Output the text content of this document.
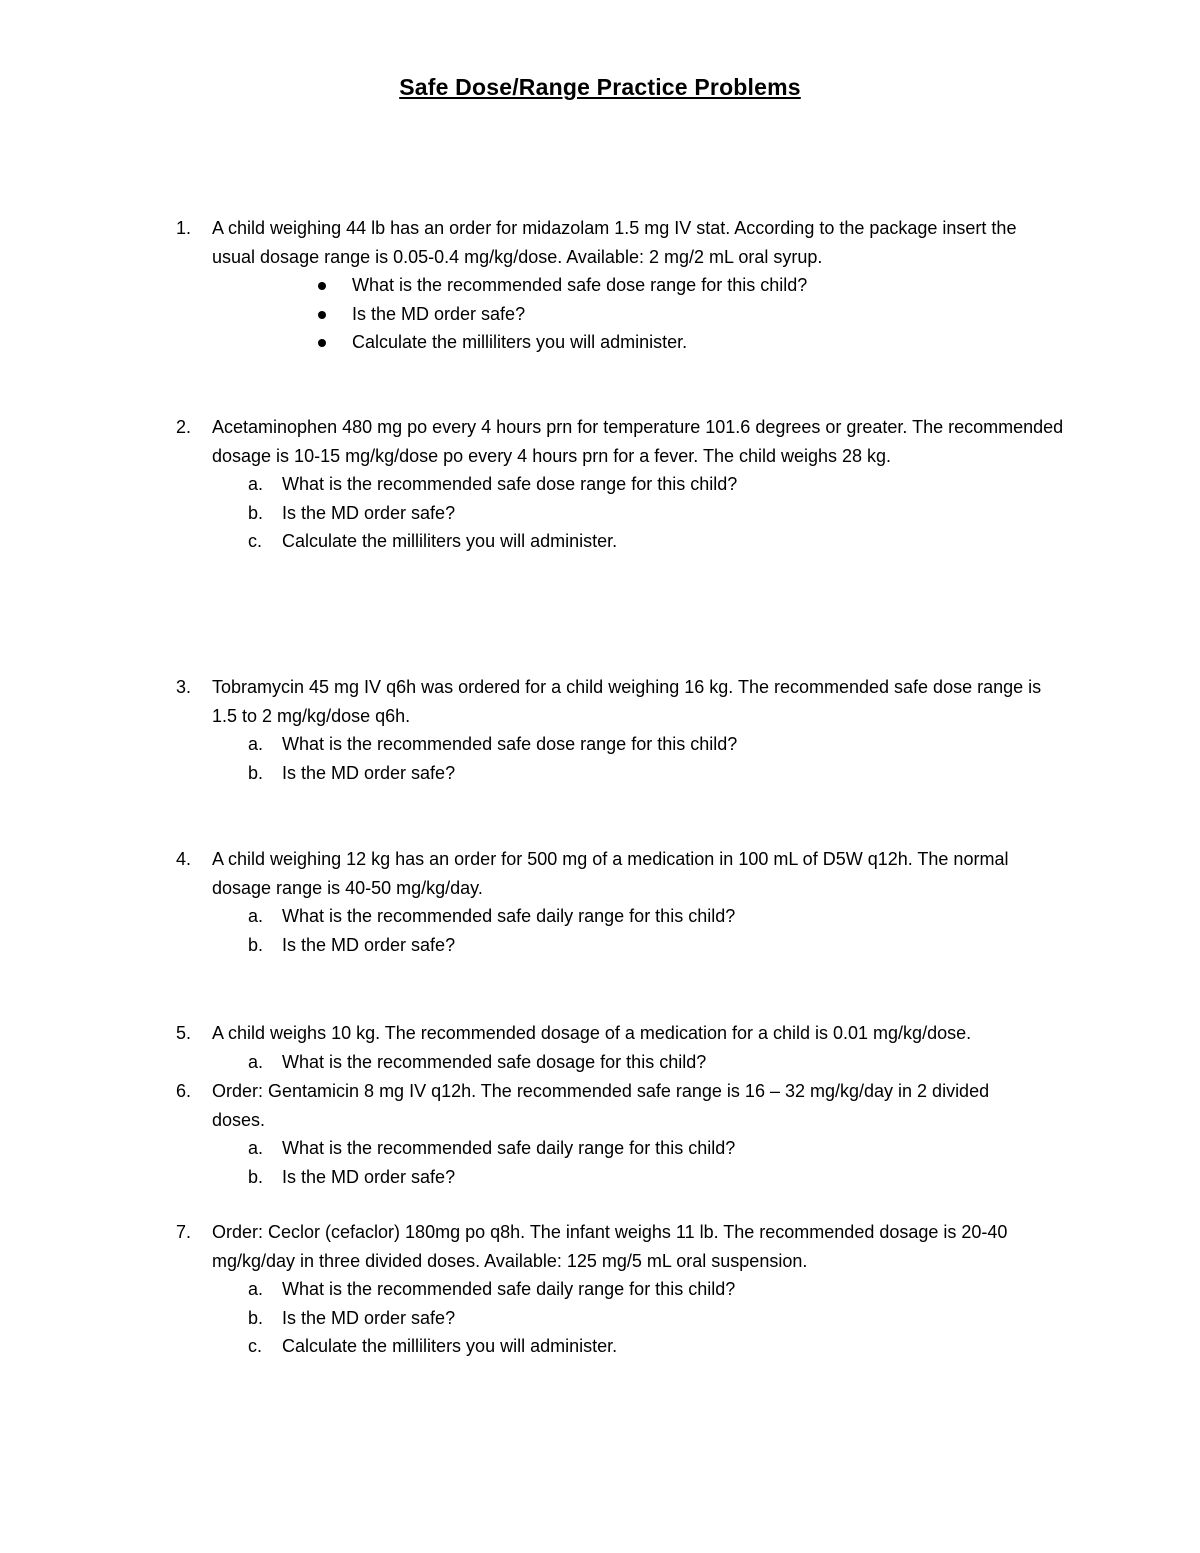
Safe Dose/Range Practice Problems
1. A child weighing 44 lb has an order for midazolam 1.5 mg IV stat. According to the package insert the usual dosage range is 0.05-0.4 mg/kg/dose. Available: 2 mg/2 mL oral syrup.
What is the recommended safe dose range for this child?
Is the MD order safe?
Calculate the milliliters you will administer.
2. Acetaminophen 480 mg po every 4 hours prn for temperature 101.6 degrees or greater. The recommended dosage is 10-15 mg/kg/dose po every 4 hours prn for a fever. The child weighs 28 kg.
a. What is the recommended safe dose range for this child?
b. Is the MD order safe?
c. Calculate the milliliters you will administer.
3. Tobramycin 45 mg IV q6h was ordered for a child weighing 16 kg. The recommended safe dose range is 1.5 to 2 mg/kg/dose q6h.
a. What is the recommended safe dose range for this child?
b. Is the MD order safe?
4. A child weighing 12 kg has an order for 500 mg of a medication in 100 mL of D5W q12h. The normal dosage range is 40-50 mg/kg/day.
a. What is the recommended safe daily range for this child?
b. Is the MD order safe?
5. A child weighs 10 kg. The recommended dosage of a medication for a child is 0.01 mg/kg/dose.
a. What is the recommended safe dosage for this child?
6. Order: Gentamicin 8 mg IV q12h. The recommended safe range is 16 – 32 mg/kg/day in 2 divided doses.
a. What is the recommended safe daily range for this child?
b. Is the MD order safe?
7. Order: Ceclor (cefaclor) 180mg po q8h. The infant weighs 11 lb. The recommended dosage is 20-40 mg/kg/day in three divided doses. Available: 125 mg/5 mL oral suspension.
a. What is the recommended safe daily range for this child?
b. Is the MD order safe?
c. Calculate the milliliters you will administer.
